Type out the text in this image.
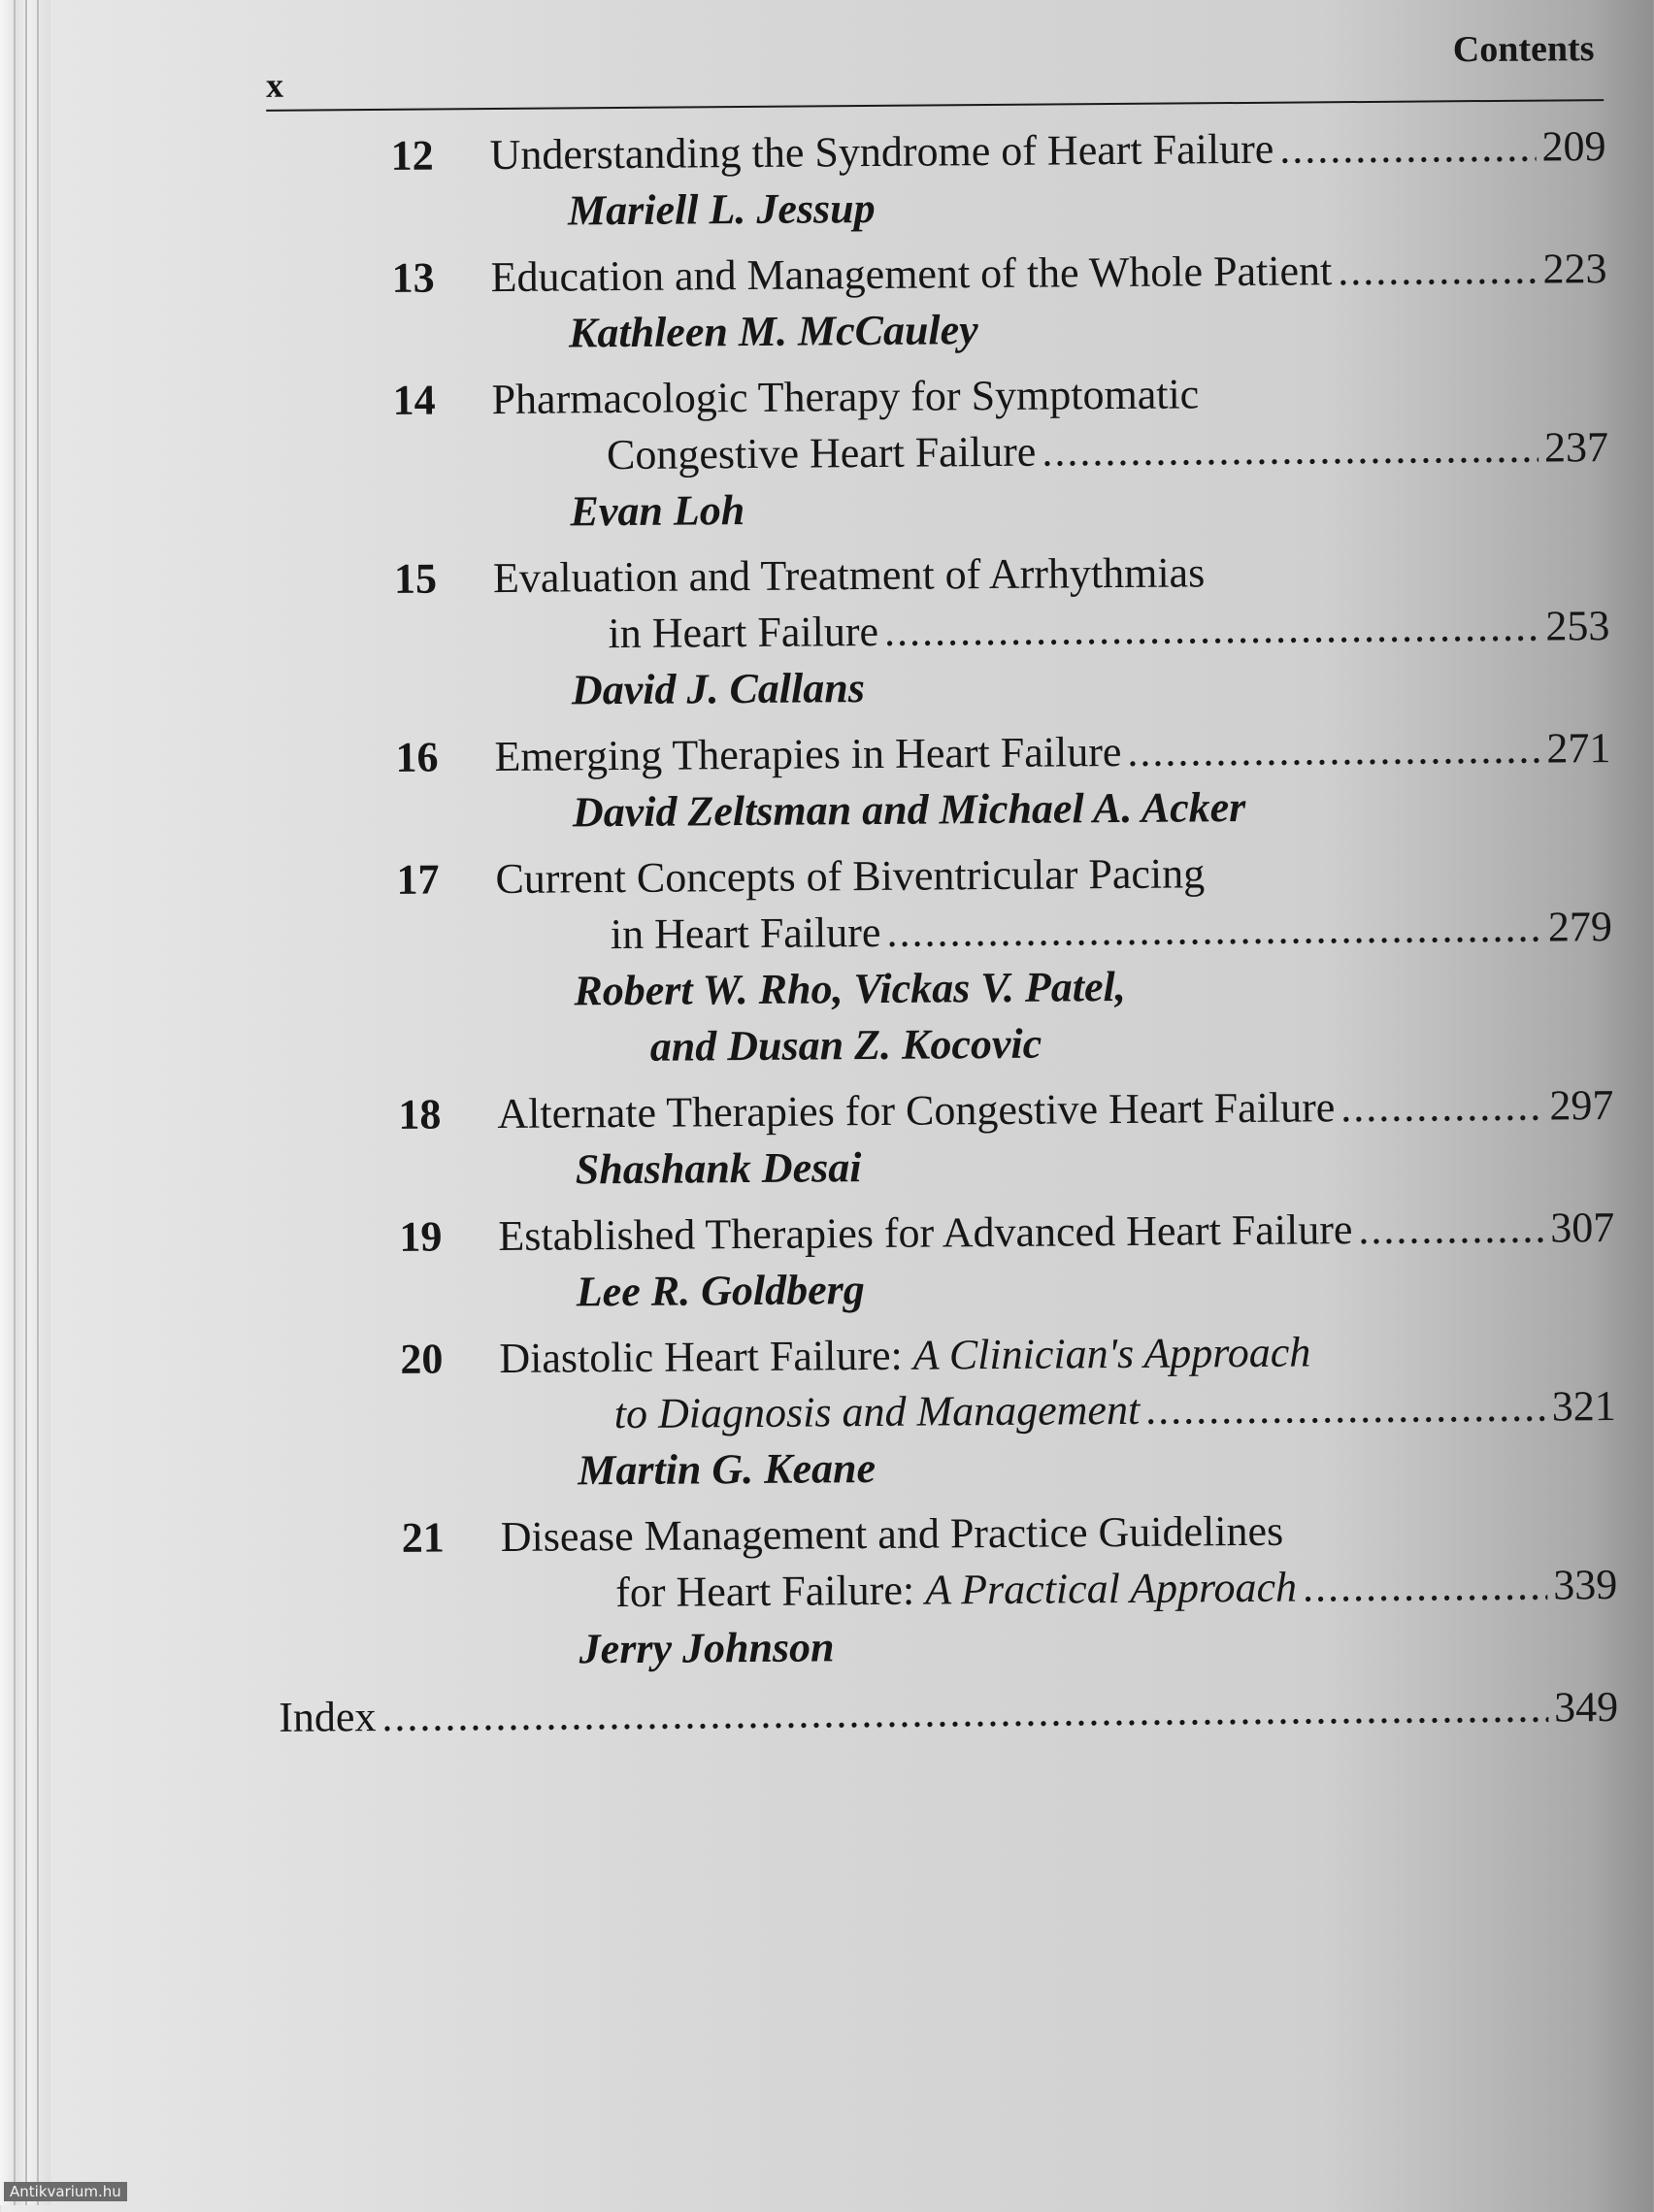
x
Contents
12 Understanding the Syndrome of Heart Failure .....	209
Mariell L. Jessup
13 Education and Management of the Whole Patient .....	223
Kathleen M. McCauley
14 Pharmacologic Therapy for Symptomatic
Congestive Heart Failure .....	237
Evan Loh
15 Evaluation and Treatment of Arrhythmias
in Heart Failure .....	253
David J. Callans
16 Emerging Therapies in Heart Failure .....	271
David Zeltsman and Michael A. Acker
17 Current Concepts of Biventricular Pacing
in Heart Failure .....	279
Robert W. Rho, Vickas V. Patel,
and Dusan Z. Kocovic
18 Alternate Therapies for Congestive Heart Failure .....	297
Shashank Desai
19 Established Therapies for Advanced Heart Failure .....	307
Lee R. Goldberg
20 Diastolic Heart Failure: A Clinician's Approach
to Diagnosis and Management .....	321
Martin G. Keane
21 Disease Management and Practice Guidelines
for Heart Failure: A Practical Approach .....	339
Jerry Johnson
Index .....	349
Antikvarium.hu
